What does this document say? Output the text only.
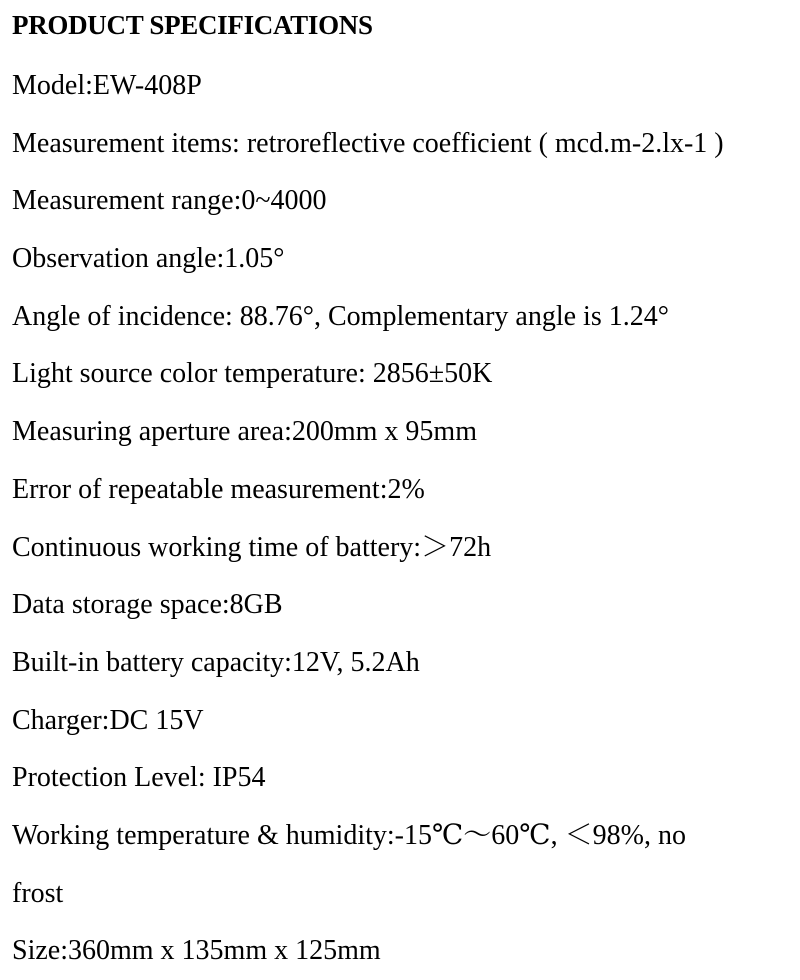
PRODUCT SPECIFICATIONS
Model:EW-408P
Measurement items: retroreflective coefficient ( mcd.m-2.lx-1 )
Measurement range:0~4000
Observation angle:1.05°
Angle of incidence: 88.76°, Complementary angle is 1.24°
Light source color temperature: 2856±50K
Measuring aperture area:200mm x 95mm
Error of repeatable measurement:2%
Continuous working time of battery:＞72h
Data storage space:8GB
Built-in battery capacity:12V, 5.2Ah
Charger:DC 15V
Protection Level: IP54
Working temperature & humidity:-15℃～60℃, ＜98%, no
frost
Size:360mm x 135mm x 125mm
